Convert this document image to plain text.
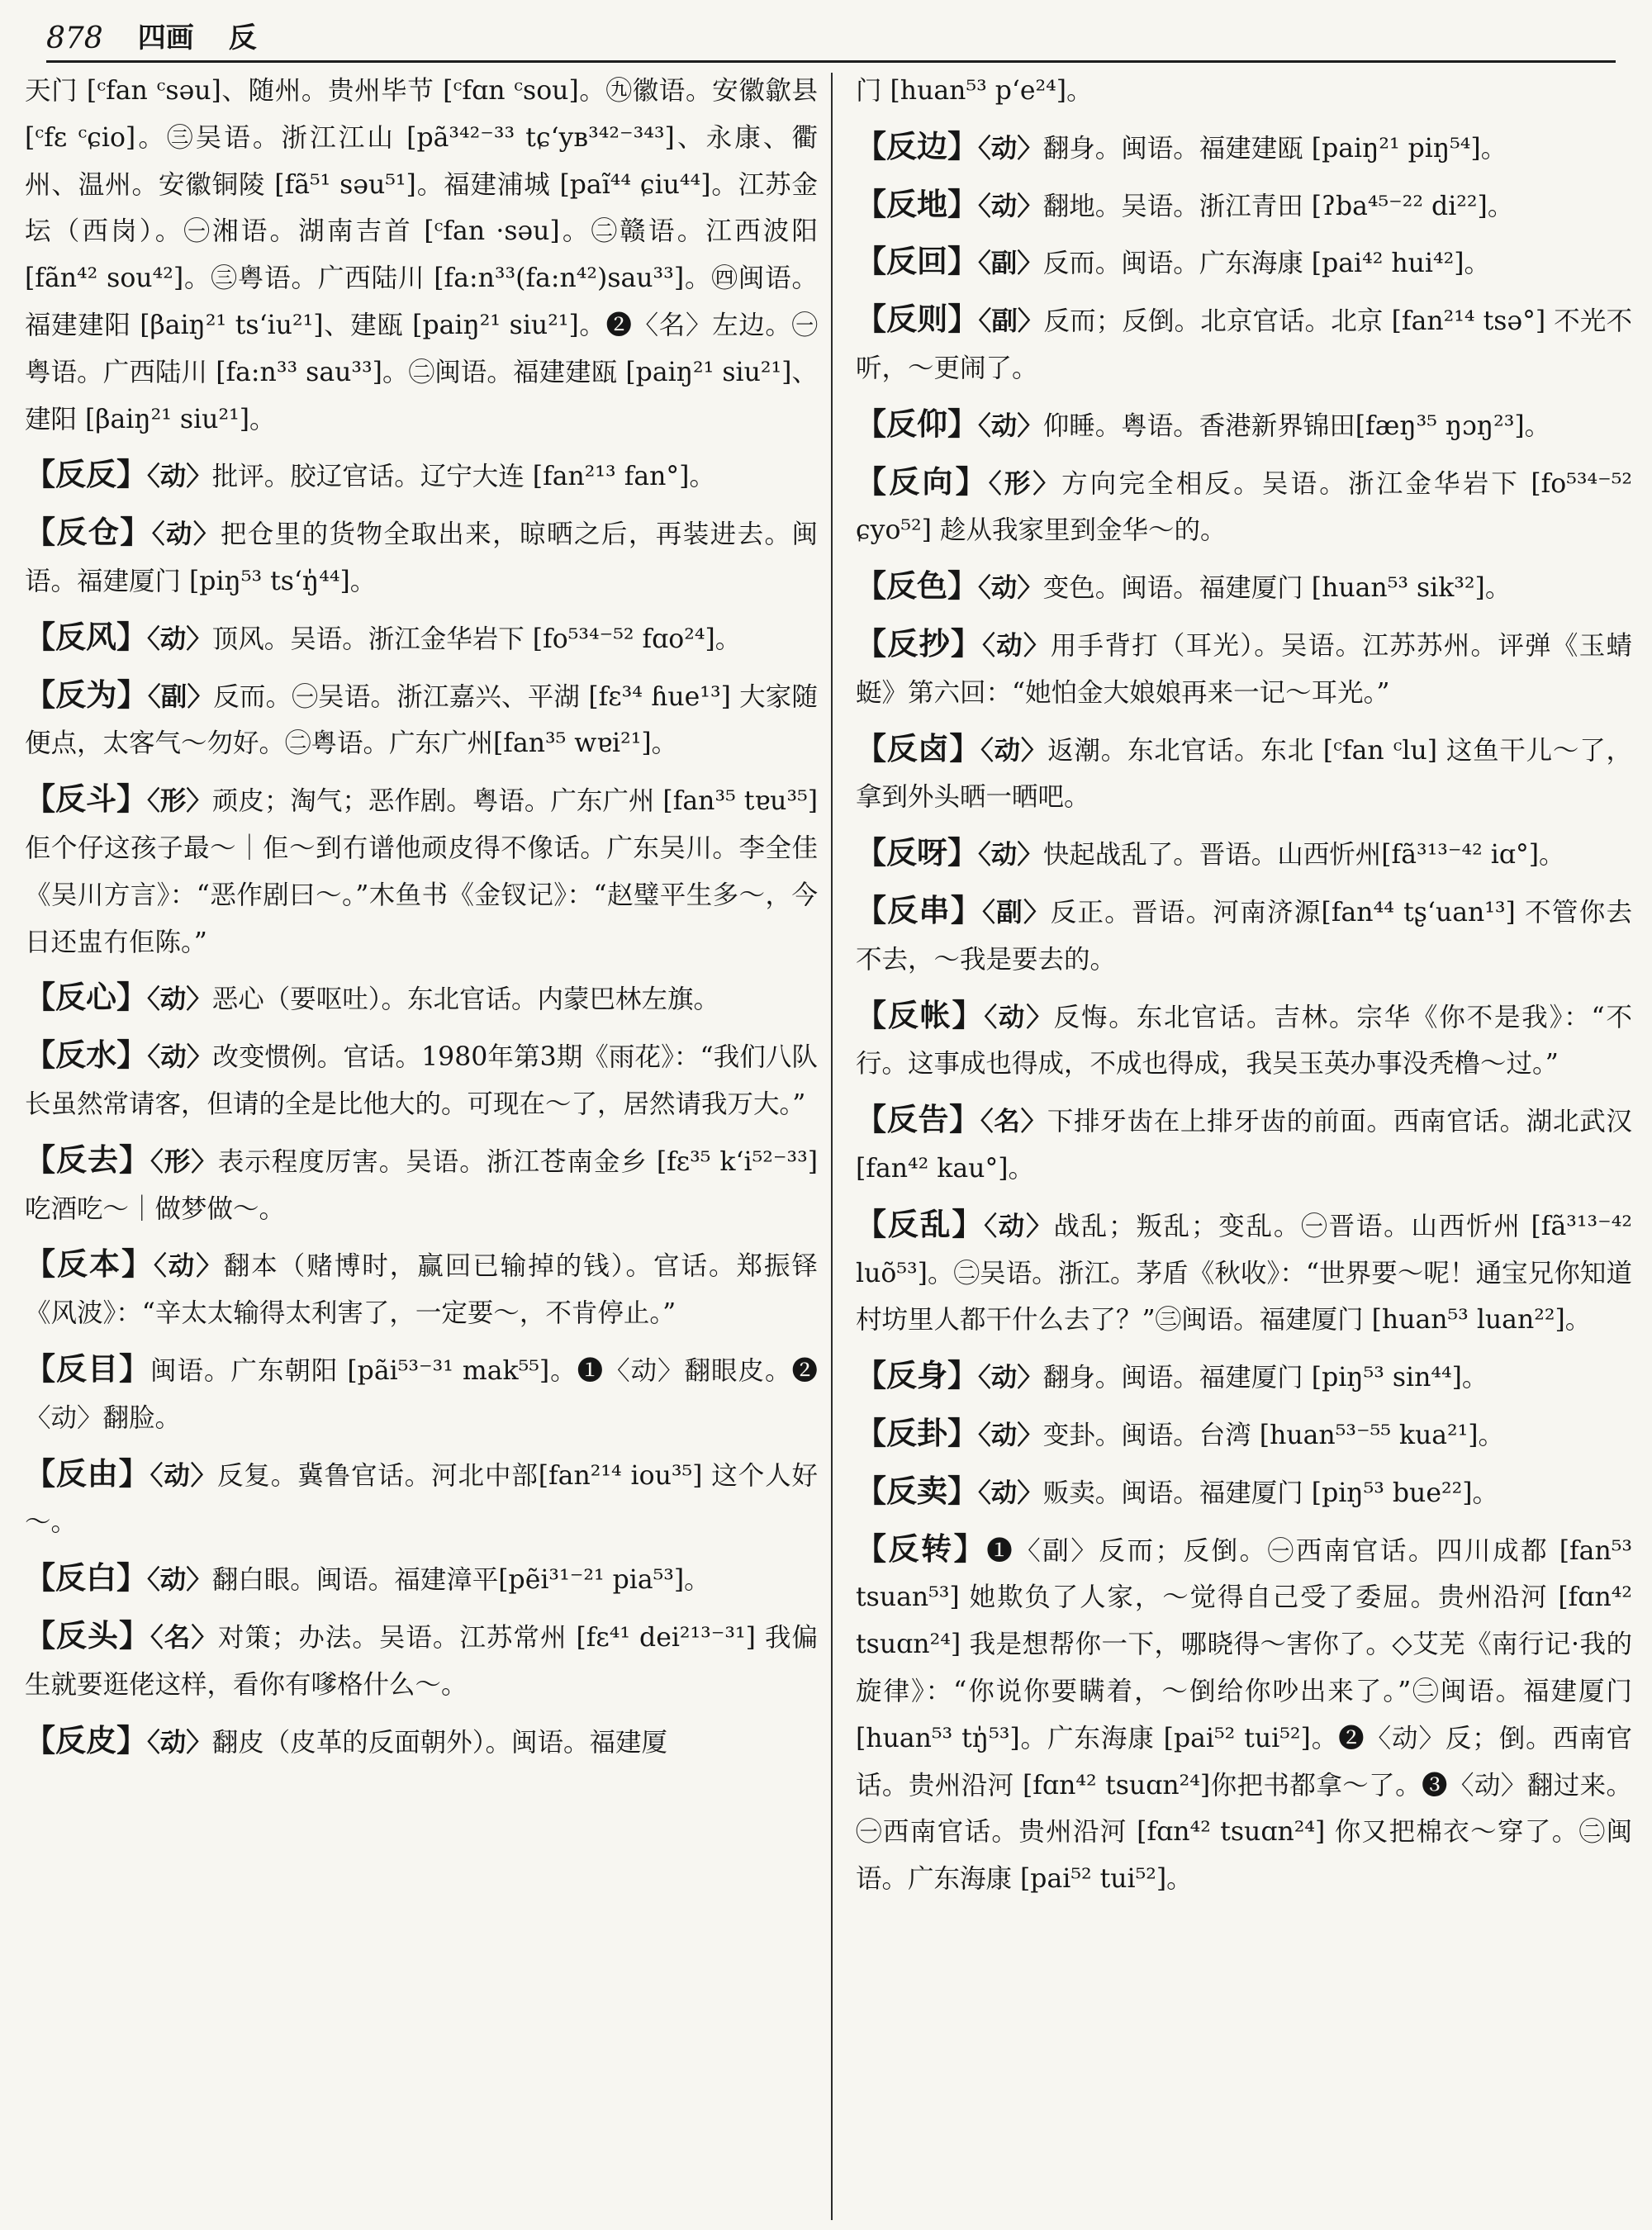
878 四画 反

天门 [ᶜfan ᶜsəu]、随州。贵州毕节 [ᶜfɑn ᶜsou]。㊈徽语。安徽歙县 [ᶜfɛ ᶜɕio]。㊂吴语。浙江江山 [pã³⁴²⁻³³ tɕʻyʙ³⁴²⁻³⁴³]、永康、衢州、温州。安徽铜陵 [fã⁵¹ səu⁵¹]。福建浦城 [paĩ⁴⁴ ɕiu⁴⁴]。江苏金坛（西岗）。㊀湘语。湖南吉首 [ᶜfan ·səu]。㊁赣语。江西波阳 [fãn⁴² sou⁴²]。㊂粤语。广西陆川 [fa:n³³(fa:n⁴²)sau³³]。㊃闽语。福建建阳 [βaiŋ²¹ tsʻiu²¹]、建瓯 [paiŋ²¹ siu²¹]。❷〈名〉左边。㊀粤语。广西陆川 [fa:n³³ sau³³]。㊁闽语。福建建瓯 [paiŋ²¹ siu²¹]、建阳 [βaiŋ²¹ siu²¹]。

【反反】〈动〉批评。胶辽官话。辽宁大连 [fan²¹³ fan°]。

【反仓】〈动〉把仓里的货物全取出来，晾晒之后，再装进去。闽语。福建厦门 [piŋ⁵³ tsʻŋ̍⁴⁴]。

【反风】〈动〉顶风。吴语。浙江金华岩下 [fo⁵³⁴⁻⁵² fɑo²⁴]。

【反为】〈副〉反而。㊀吴语。浙江嘉兴、平湖 [fɛ³⁴ ɦue¹³] 大家随便点，太客气～勿好。㊁粤语。广东广州[fan³⁵ wɐi²¹]。

【反斗】〈形〉顽皮；淘气；恶作剧。粤语。广东广州 [fan³⁵ tɐu³⁵] 佢个仔这孩子最～｜佢～到冇谱他顽皮得不像话。广东吴川。李全佳《吴川方言》：“恶作剧曰～。”木鱼书《金钗记》：“赵璧平生多～，今日还盅冇佢陈。”

【反心】〈动〉恶心（要呕吐）。东北官话。内蒙巴林左旗。

【反水】〈动〉改变惯例。官话。1980年第3期《雨花》：“我们八队长虽然常请客，但请的全是比他大的。可现在～了，居然请我万大。”

【反去】〈形〉表示程度厉害。吴语。浙江苍南金乡 [fɛ³⁵ kʻi⁵²⁻³³] 吃酒吃～｜做梦做～。

【反本】〈动〉翻本（赌博时，赢回已输掉的钱）。官话。郑振铎《风波》：“辛太太输得太利害了，一定要～，不肯停止。”

【反目】闽语。广东朝阳 [pãi⁵³⁻³¹ mak⁵⁵]。❶〈动〉翻眼皮。❷〈动〉翻脸。

【反由】〈动〉反复。冀鲁官话。河北中部[fan²¹⁴ iou³⁵] 这个人好～。

【反白】〈动〉翻白眼。闽语。福建漳平[pẽi³¹⁻²¹ pia⁵³]。

【反头】〈名〉对策；办法。吴语。江苏常州 [fɛ⁴¹ dei²¹³⁻³¹] 我偏生就要逛佬这样，看你有嗲格什么～。

【反皮】〈动〉翻皮（皮革的反面朝外）。闽语。福建厦

门 [huan⁵³ pʻe²⁴]。

【反边】〈动〉翻身。闽语。福建建瓯 [paiŋ²¹ piŋ⁵⁴]。

【反地】〈动〉翻地。吴语。浙江青田 [ʔba⁴⁵⁻²² di²²]。

【反回】〈副〉反而。闽语。广东海康 [pai⁴² hui⁴²]。

【反则】〈副〉反而；反倒。北京官话。北京 [fan²¹⁴ tsə°] 不光不听，～更闹了。

【反仰】〈动〉仰睡。粤语。香港新界锦田[fæŋ³⁵ ŋɔŋ²³]。

【反向】〈形〉方向完全相反。吴语。浙江金华岩下 [fo⁵³⁴⁻⁵² ɕyo⁵²] 趁从我家里到金华～的。

【反色】〈动〉变色。闽语。福建厦门 [huan⁵³ sik³²]。

【反抄】〈动〉用手背打（耳光）。吴语。江苏苏州。评弹《玉蜻蜓》第六回：“她怕金大娘娘再来一记～耳光。”

【反卤】〈动〉返潮。东北官话。东北 [ᶜfan ᶜlu] 这鱼干儿～了，拿到外头晒一晒吧。

【反呀】〈动〉快起战乱了。晋语。山西忻州[fã³¹³⁻⁴² iɑ°]。

【反串】〈副〉反正。晋语。河南济源[fan⁴⁴ tʂʻuan¹³] 不管你去不去，～我是要去的。

【反帐】〈动〉反悔。东北官话。吉林。宗华《你不是我》：“不行。这事成也得成，不成也得成，我吴玉英办事没秃橹～过。”

【反告】〈名〉下排牙齿在上排牙齿的前面。西南官话。湖北武汉 [fan⁴² kau°]。

【反乱】〈动〉战乱；叛乱；变乱。㊀晋语。山西忻州 [fã³¹³⁻⁴² luõ⁵³]。㊁吴语。浙江。茅盾《秋收》：“世界要～呢！通宝兄你知道村坊里人都干什么去了？”㊂闽语。福建厦门 [huan⁵³ luan²²]。

【反身】〈动〉翻身。闽语。福建厦门 [piŋ⁵³ sin⁴⁴]。

【反卦】〈动〉变卦。闽语。台湾 [huan⁵³⁻⁵⁵ kua²¹]。

【反卖】〈动〉贩卖。闽语。福建厦门 [piŋ⁵³ bue²²]。

【反转】❶〈副〉反而；反倒。㊀西南官话。四川成都 [fan⁵³ tsuan⁵³] 她欺负了人家，～觉得自己受了委屈。贵州沿河 [fɑn⁴² tsuɑn²⁴] 我是想帮你一下，哪晓得～害你了。◇艾芜《南行记·我的旋律》：“你说你要瞒着，～倒给你吵出来了。”㊁闽语。福建厦门 [huan⁵³ tŋ̍⁵³]。广东海康 [pai⁵² tui⁵²]。❷〈动〉反；倒。西南官话。贵州沿河 [fɑn⁴² tsuɑn²⁴]你把书都拿～了。❸〈动〉翻过来。㊀西南官话。贵州沿河 [fɑn⁴² tsuɑn²⁴] 你又把棉衣～穿了。㊁闽语。广东海康 [pai⁵² tui⁵²]。
